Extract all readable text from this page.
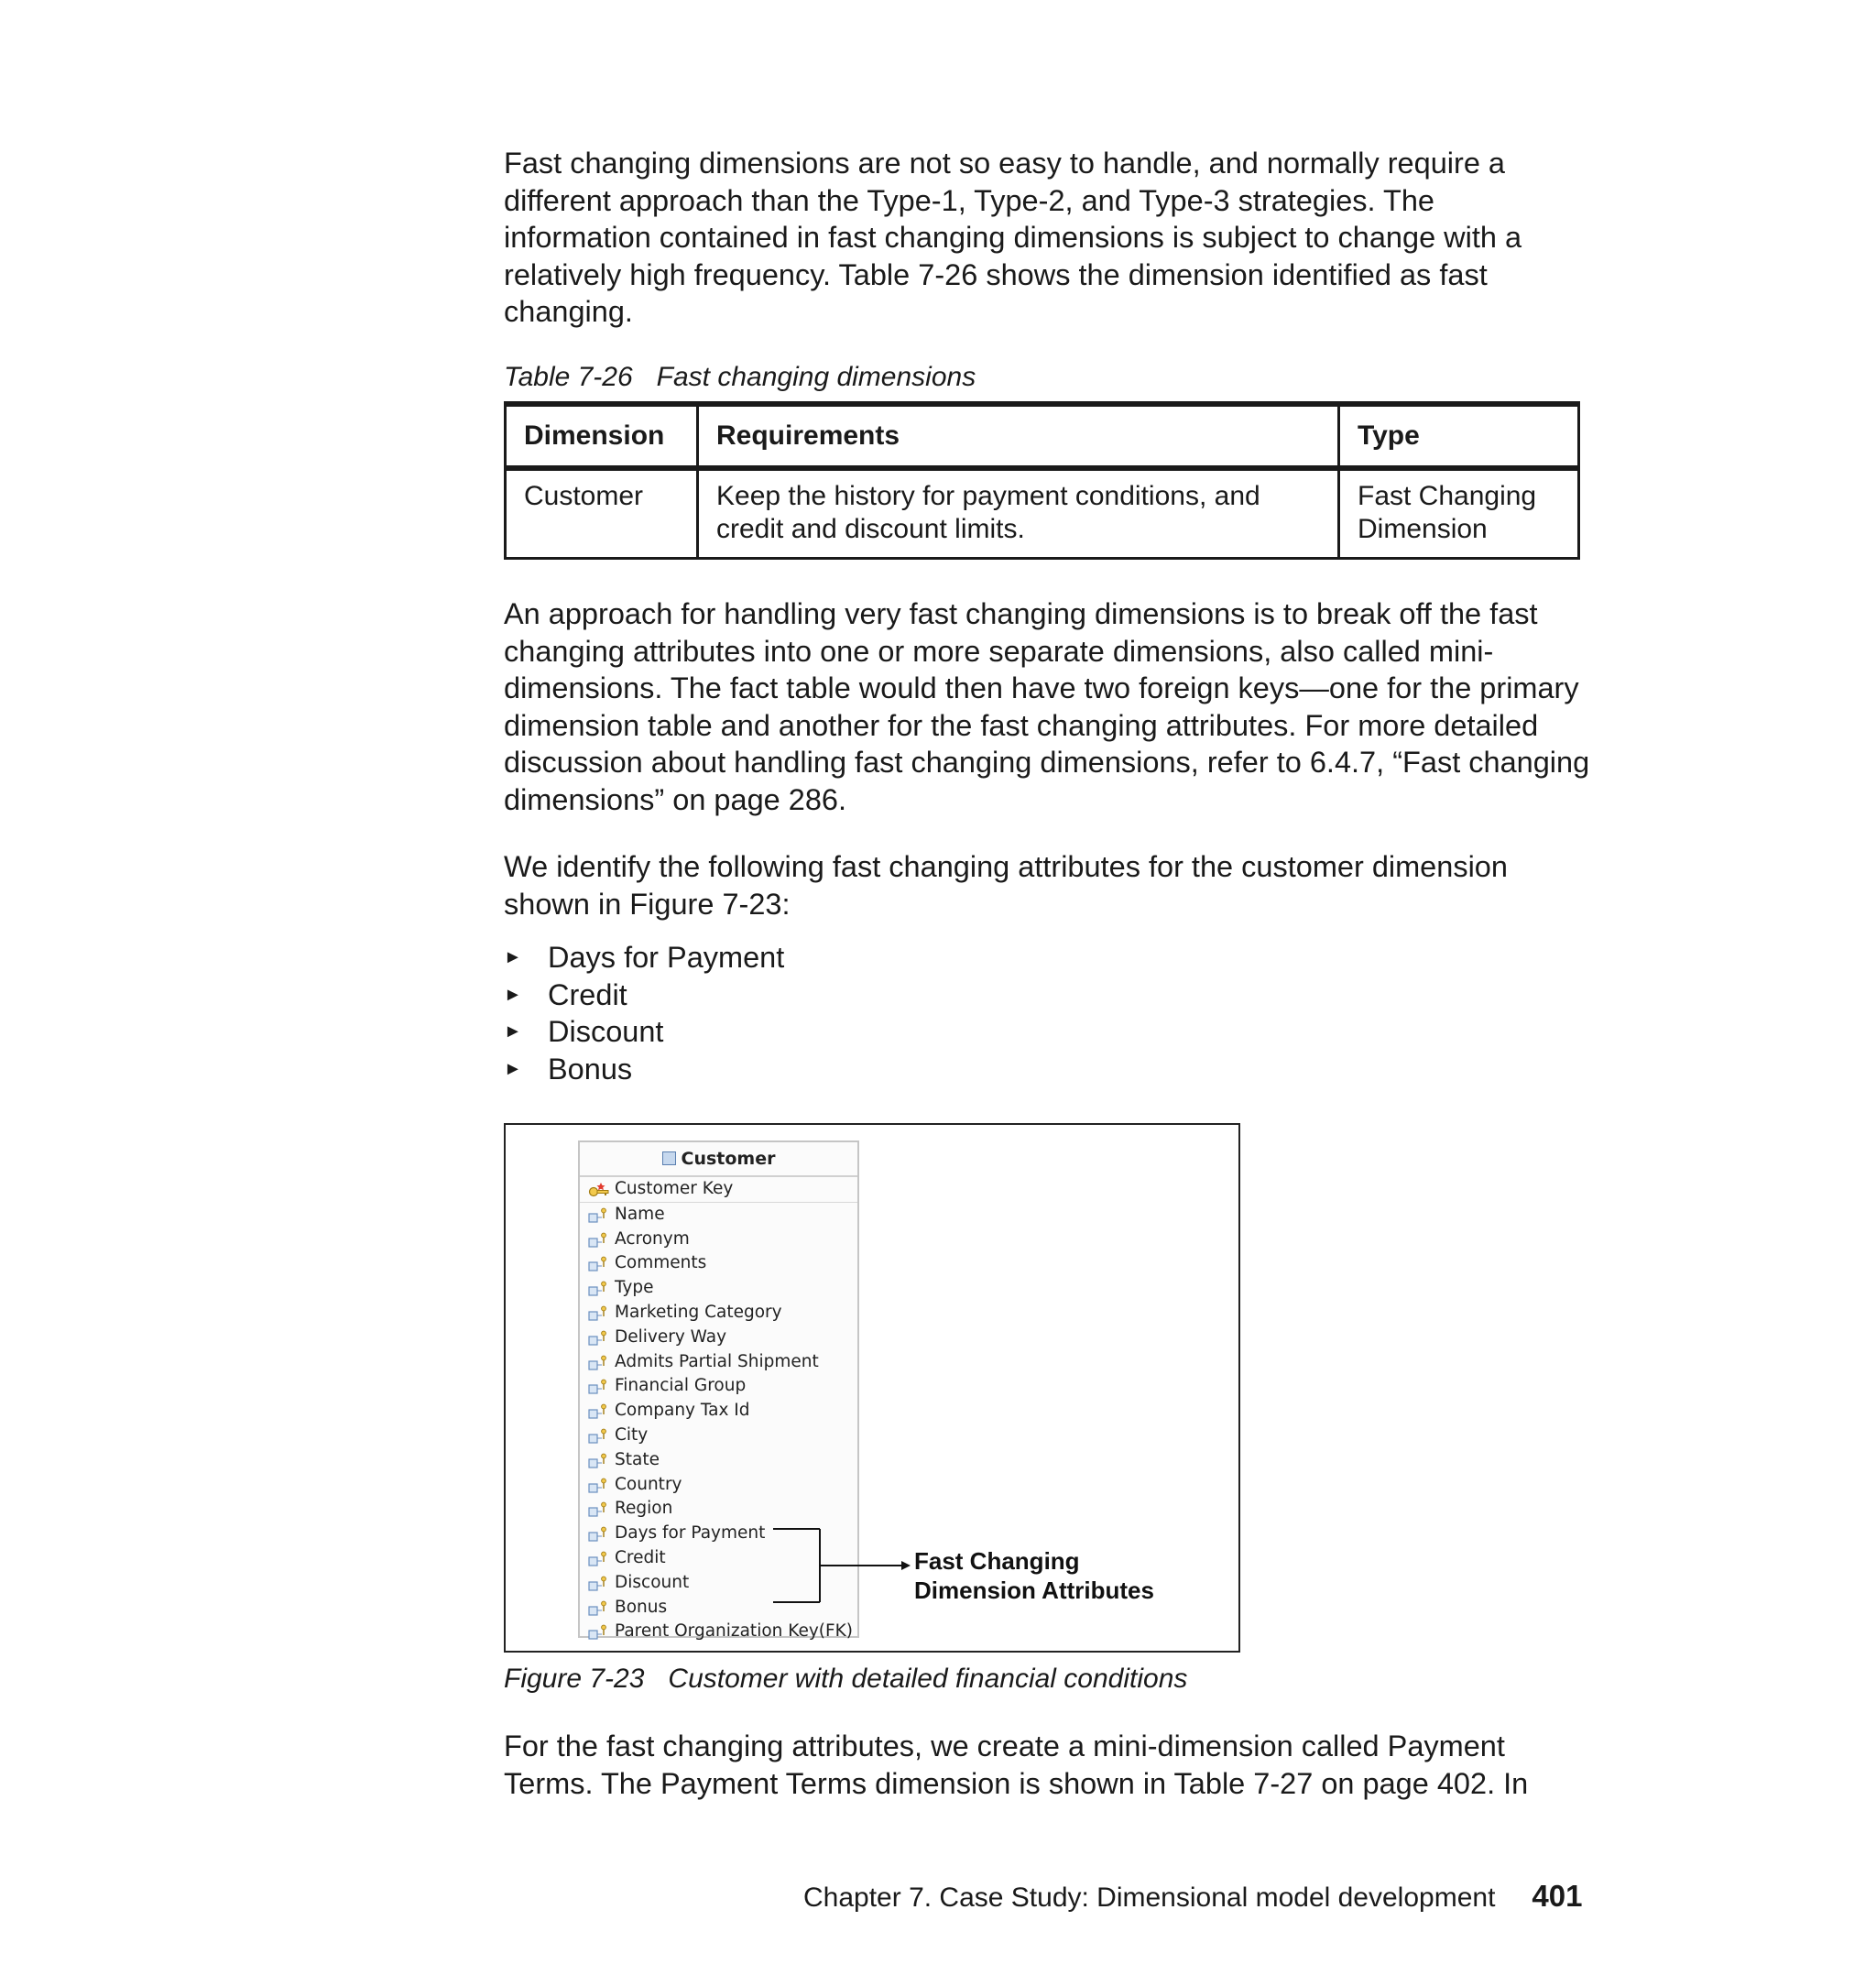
Fast changing dimensions are not so easy to handle, and normally require a different approach than the Type-1, Type-2, and Type-3 strategies. The information contained in fast changing dimensions is subject to change with a relatively high frequency. Table 7-26 shows the dimension identified as fast changing.

Table 7-26 Fast changing dimensions
Dimension	Requirements	Type
Customer	Keep the history for payment conditions, and credit and discount limits.	Fast Changing Dimension

An approach for handling very fast changing dimensions is to break off the fast changing attributes into one or more separate dimensions, also called mini-dimensions. The fact table would then have two foreign keys—one for the primary dimension table and another for the fast changing attributes. For more detailed discussion about handling fast changing dimensions, refer to 6.4.7, “Fast changing dimensions” on page 286.

We identify the following fast changing attributes for the customer dimension shown in Figure 7-23:

► Days for Payment
► Credit
► Discount
► Bonus
Customer
Customer Key
Name
Acronym
Comments
Type
Marketing Category
Delivery Way
Admits Partial Shipment
Financial Group
Company Tax Id
City
State
Country
Region
Days for Payment
Credit
Discount
Bonus
Parent Organization Key(FK)
Fast Changing
Dimension Attributes
Figure 7-23 Customer with detailed financial conditions

For the fast changing attributes, we create a mini-dimension called Payment Terms. The Payment Terms dimension is shown in Table 7-27 on page 402. In

Chapter 7. Case Study: Dimensional model development 401
